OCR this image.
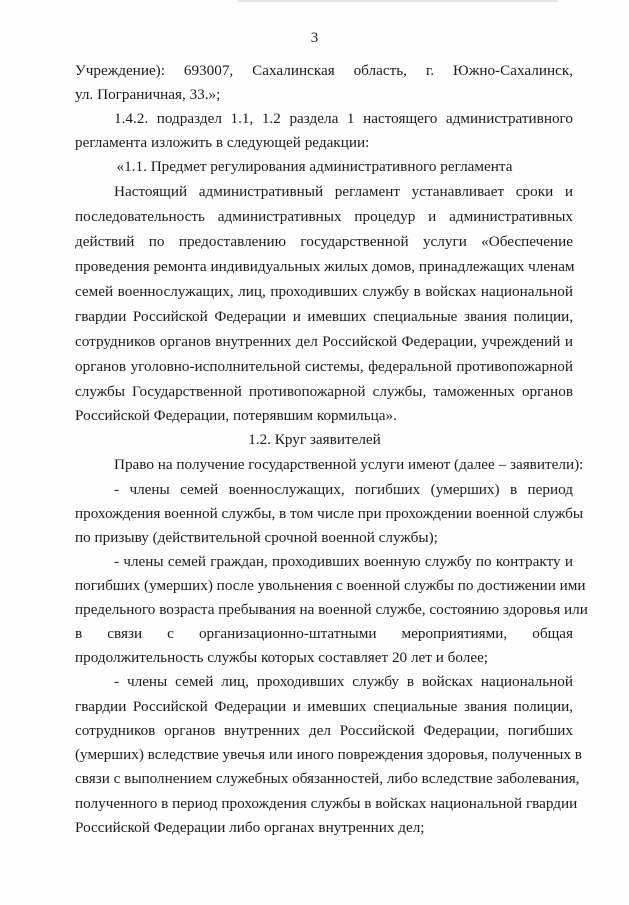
3
Учреждение): 693007, Сахалинская область, г. Южно-Сахалинск,
ул. Пограничная, 33.»;
1.4.2. подраздел 1.1, 1.2 раздела 1 настоящего административного
регламента изложить в следующей редакции:
«1.1. Предмет регулирования административного регламента
Настоящий административный регламент устанавливает сроки и
последовательность административных процедур и административных
действий по предоставлению государственной услуги «Обеспечение
проведения ремонта индивидуальных жилых домов, принадлежащих членам
семей военнослужащих, лиц, проходивших службу в войсках национальной
гвардии Российской Федерации и имевших специальные звания полиции,
сотрудников органов внутренних дел Российской Федерации, учреждений и
органов уголовно-исполнительной системы, федеральной противопожарной
службы Государственной противопожарной службы, таможенных органов
Российской Федерации, потерявшим кормильца».
1.2. Круг заявителей
Право на получение государственной услуги имеют (далее – заявители):
- члены семей военнослужащих, погибших (умерших) в период
прохождения военной службы, в том числе при прохождении военной службы
по призыву (действительной срочной военной службы);
- члены семей граждан, проходивших военную службу по контракту и
погибших (умерших) после увольнения с военной службы по достижении ими
предельного возраста пребывания на военной службе, состоянию здоровья или
в связи с организационно-штатными мероприятиями, общая
продолжительность службы которых составляет 20 лет и более;
- члены семей лиц, проходивших службу в войсках национальной
гвардии Российской Федерации и имевших специальные звания полиции,
сотрудников органов внутренних дел Российской Федерации, погибших
(умерших) вследствие увечья или иного повреждения здоровья, полученных в
связи с выполнением служебных обязанностей, либо вследствие заболевания,
полученного в период прохождения службы в войсках национальной гвардии
Российской Федерации либо органах внутренних дел;
